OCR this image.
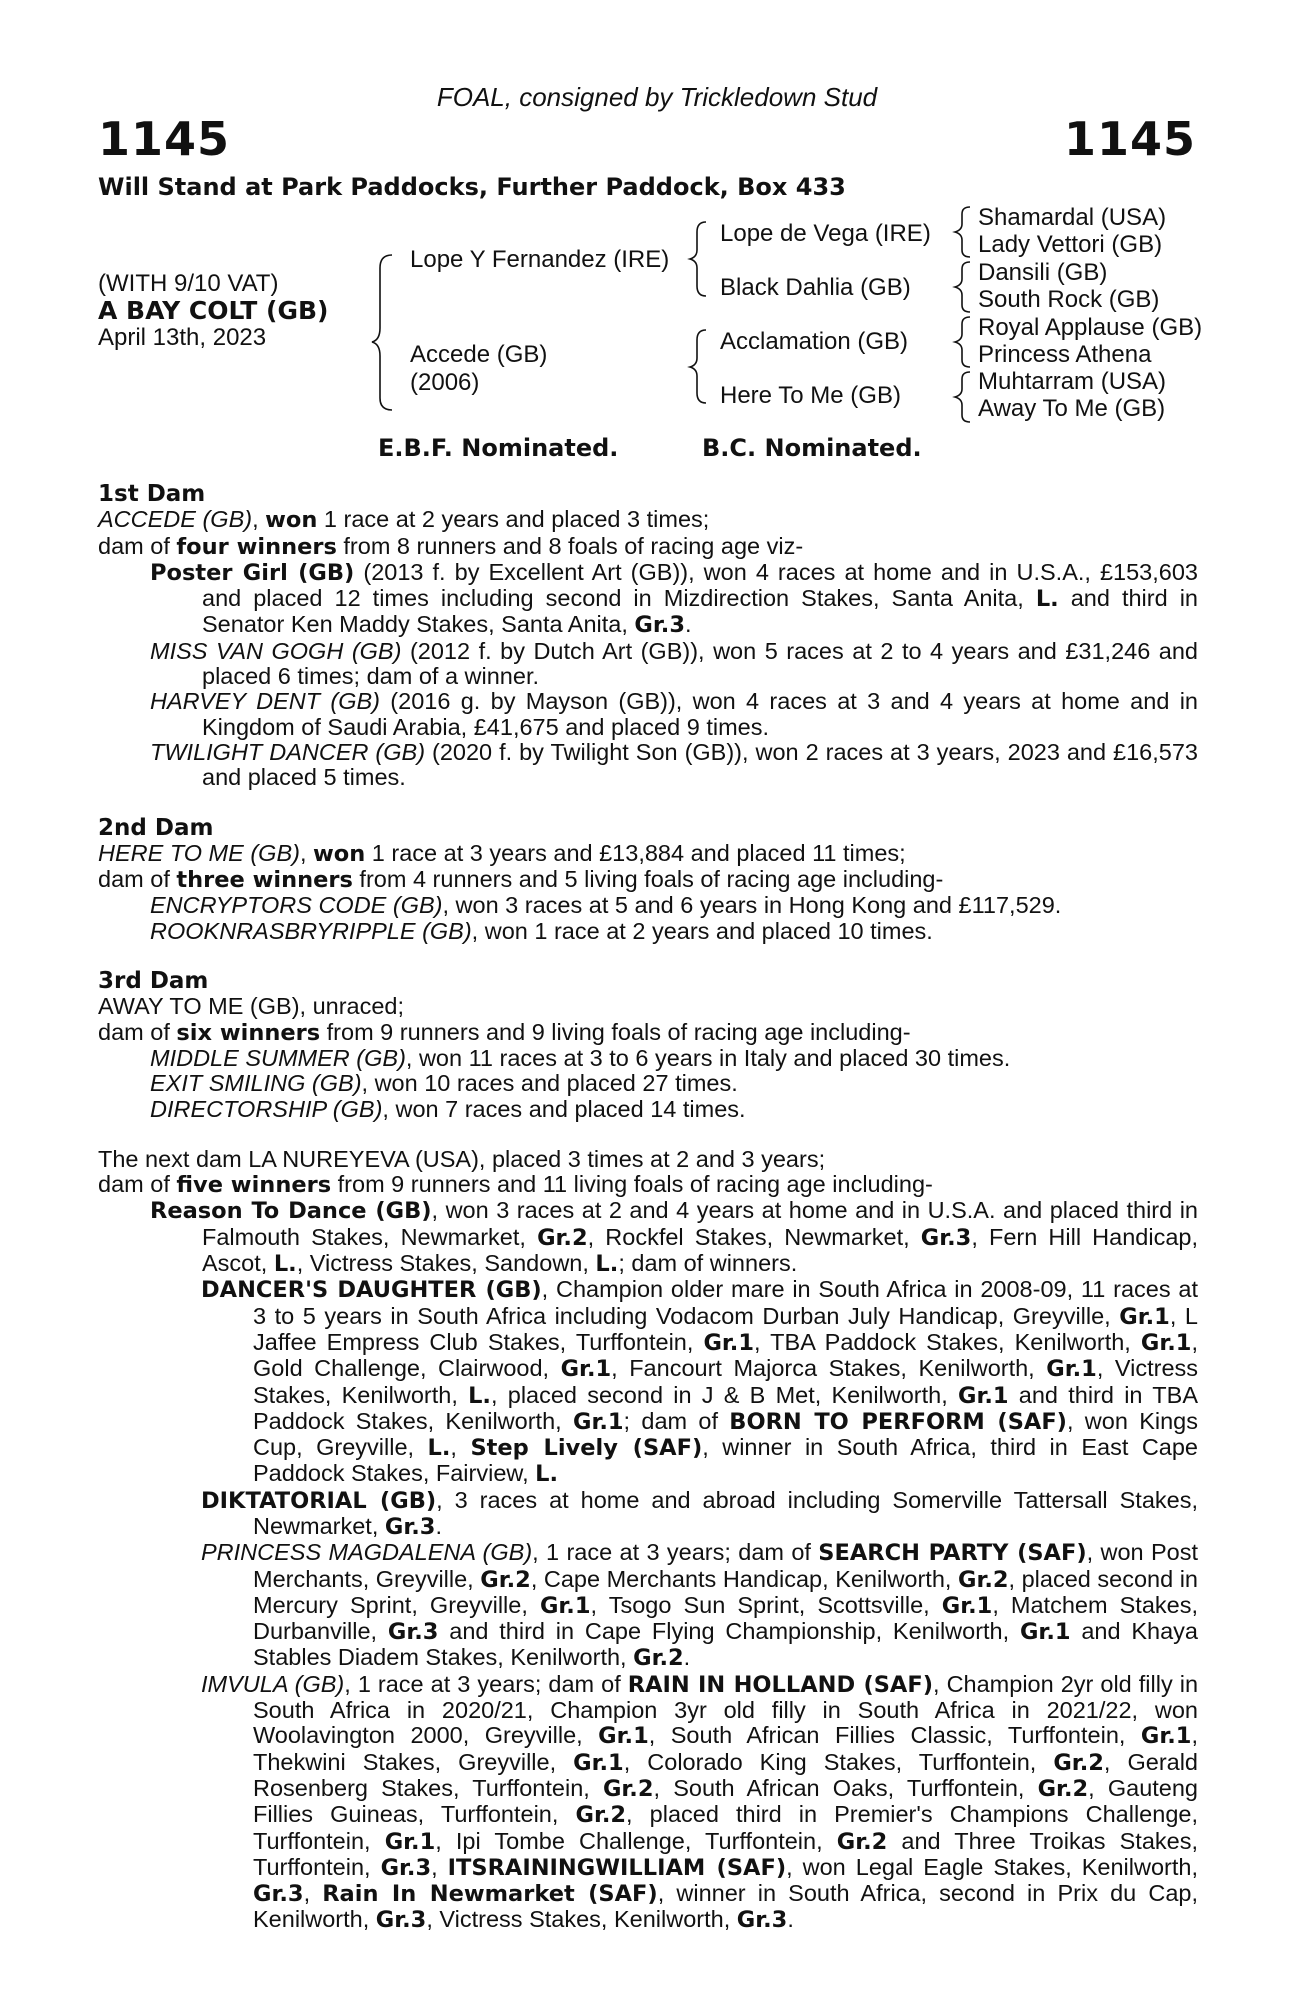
FOAL, consigned by Trickledown Stud
1145	1145
Will Stand at Park Paddocks, Further Paddock, Box 433
(WITH 9/10 VAT)
A BAY COLT (GB)
April 13th, 2023
Lope Y Fernandez (IRE)
Accede (GB)
(2006)
Lope de Vega (IRE)
Black Dahlia (GB)
Acclamation (GB)
Here To Me (GB)
Shamardal (USA)
Lady Vettori (GB)
Dansili (GB)
South Rock (GB)
Royal Applause (GB)
Princess Athena
Muhtarram (USA)
Away To Me (GB)
E.B.F. Nominated.	B.C. Nominated.
1st Dam
ACCEDE (GB), won 1 race at 2 years and placed 3 times;
dam of four winners from 8 runners and 8 foals of racing age viz-
Poster Girl (GB) (2013 f. by Excellent Art (GB)), won 4 races at home and in U.S.A., £153,603 and placed 12 times including second in Mizdirection Stakes, Santa Anita, L. and third in Senator Ken Maddy Stakes, Santa Anita, Gr.3.
MISS VAN GOGH (GB) (2012 f. by Dutch Art (GB)), won 5 races at 2 to 4 years and £31,246 and placed 6 times; dam of a winner.
HARVEY DENT (GB) (2016 g. by Mayson (GB)), won 4 races at 3 and 4 years at home and in Kingdom of Saudi Arabia, £41,675 and placed 9 times.
TWILIGHT DANCER (GB) (2020 f. by Twilight Son (GB)), won 2 races at 3 years, 2023 and £16,573 and placed 5 times.
2nd Dam
HERE TO ME (GB), won 1 race at 3 years and £13,884 and placed 11 times;
dam of three winners from 4 runners and 5 living foals of racing age including-
ENCRYPTORS CODE (GB), won 3 races at 5 and 6 years in Hong Kong and £117,529.
ROOKNRASBRYRIPPLE (GB), won 1 race at 2 years and placed 10 times.
3rd Dam
AWAY TO ME (GB), unraced;
dam of six winners from 9 runners and 9 living foals of racing age including-
MIDDLE SUMMER (GB), won 11 races at 3 to 6 years in Italy and placed 30 times.
EXIT SMILING (GB), won 10 races and placed 27 times.
DIRECTORSHIP (GB), won 7 races and placed 14 times.
The next dam LA NUREYEVA (USA), placed 3 times at 2 and 3 years;
dam of five winners from 9 runners and 11 living foals of racing age including-
Reason To Dance (GB), won 3 races at 2 and 4 years at home and in U.S.A. and placed third in Falmouth Stakes, Newmarket, Gr.2, Rockfel Stakes, Newmarket, Gr.3, Fern Hill Handicap, Ascot, L., Victress Stakes, Sandown, L.; dam of winners.
DANCER'S DAUGHTER (GB), Champion older mare in South Africa in 2008-09, 11 races at 3 to 5 years in South Africa including Vodacom Durban July Handicap, Greyville, Gr.1, L Jaffee Empress Club Stakes, Turffontein, Gr.1, TBA Paddock Stakes, Kenilworth, Gr.1, Gold Challenge, Clairwood, Gr.1, Fancourt Majorca Stakes, Kenilworth, Gr.1, Victress Stakes, Kenilworth, L., placed second in J & B Met, Kenilworth, Gr.1 and third in TBA Paddock Stakes, Kenilworth, Gr.1; dam of BORN TO PERFORM (SAF), won Kings Cup, Greyville, L., Step Lively (SAF), winner in South Africa, third in East Cape Paddock Stakes, Fairview, L.
DIKTATORIAL (GB), 3 races at home and abroad including Somerville Tattersall Stakes, Newmarket, Gr.3.
PRINCESS MAGDALENA (GB), 1 race at 3 years; dam of SEARCH PARTY (SAF), won Post Merchants, Greyville, Gr.2, Cape Merchants Handicap, Kenilworth, Gr.2, placed second in Mercury Sprint, Greyville, Gr.1, Tsogo Sun Sprint, Scottsville, Gr.1, Matchem Stakes, Durbanville, Gr.3 and third in Cape Flying Championship, Kenilworth, Gr.1 and Khaya Stables Diadem Stakes, Kenilworth, Gr.2.
IMVULA (GB), 1 race at 3 years; dam of RAIN IN HOLLAND (SAF), Champion 2yr old filly in South Africa in 2020/21, Champion 3yr old filly in South Africa in 2021/22, won Woolavington 2000, Greyville, Gr.1, South African Fillies Classic, Turffontein, Gr.1, Thekwini Stakes, Greyville, Gr.1, Colorado King Stakes, Turffontein, Gr.2, Gerald Rosenberg Stakes, Turffontein, Gr.2, South African Oaks, Turffontein, Gr.2, Gauteng Fillies Guineas, Turffontein, Gr.2, placed third in Premier's Champions Challenge, Turffontein, Gr.1, Ipi Tombe Challenge, Turffontein, Gr.2 and Three Troikas Stakes, Turffontein, Gr.3, ITSRAININGWILLIAM (SAF), won Legal Eagle Stakes, Kenilworth, Gr.3, Rain In Newmarket (SAF), winner in South Africa, second in Prix du Cap, Kenilworth, Gr.3, Victress Stakes, Kenilworth, Gr.3.
